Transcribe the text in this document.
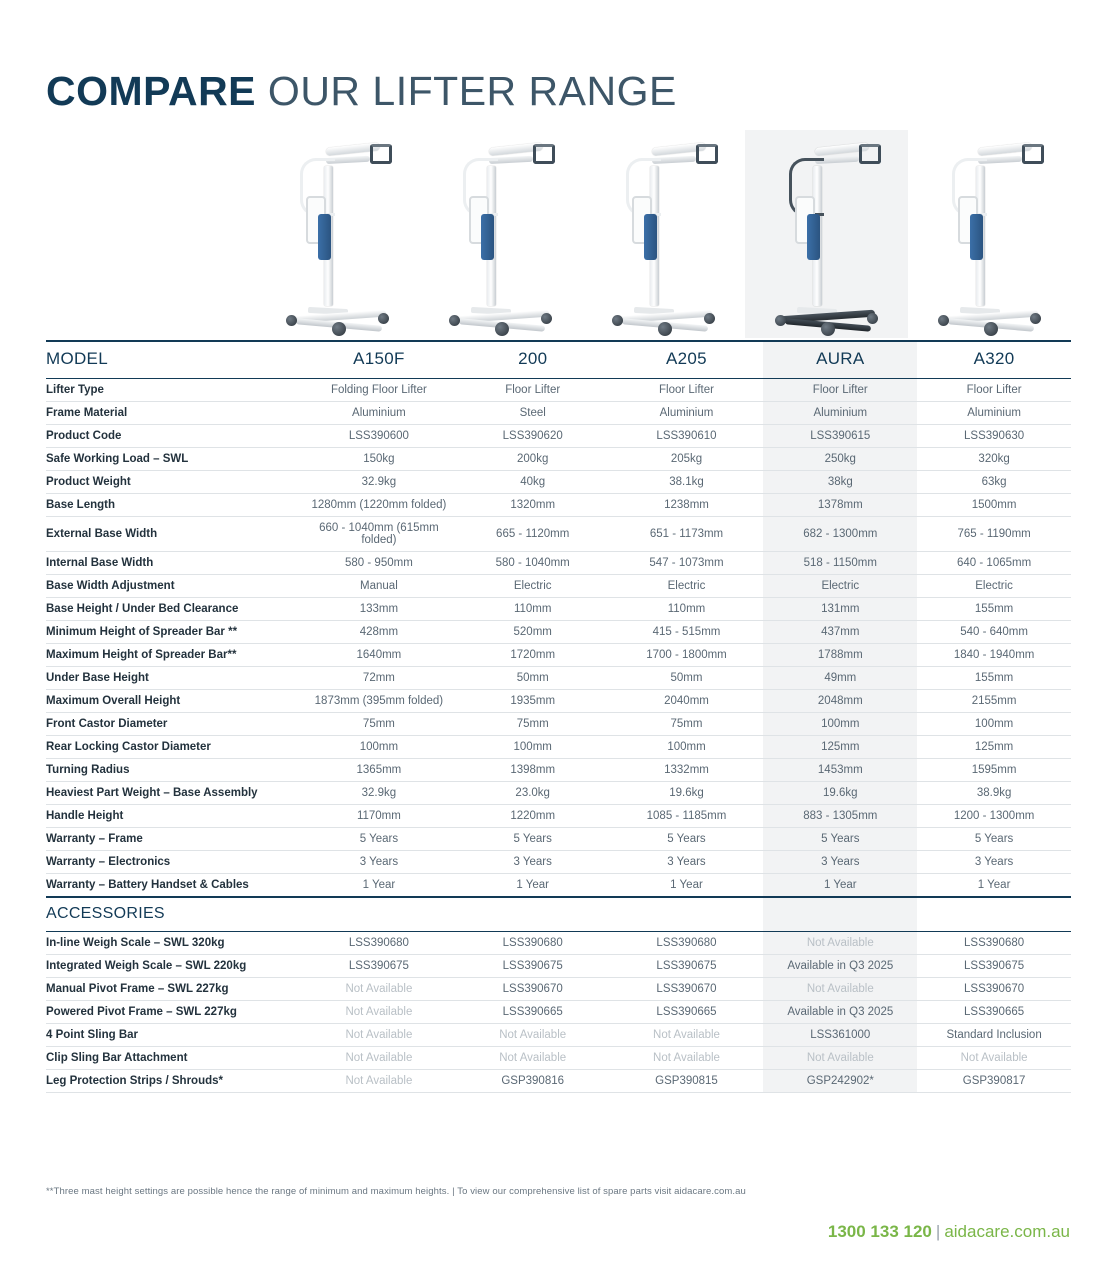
COMPARE OUR LIFTER RANGE
MODEL	A150F	200	A205	AURA	A320
Lifter Type	Folding Floor Lifter	Floor Lifter	Floor Lifter	Floor Lifter	Floor Lifter
Frame Material	Aluminium	Steel	Aluminium	Aluminium	Aluminium
Product Code	LSS390600	LSS390620	LSS390610	LSS390615	LSS390630
Safe Working Load – SWL	150kg	200kg	205kg	250kg	320kg
Product Weight	32.9kg	40kg	38.1kg	38kg	63kg
Base Length	1280mm (1220mm folded)	1320mm	1238mm	1378mm	1500mm
External Base Width	660 - 1040mm (615mm folded)	665 - 1120mm	651 - 1173mm	682 - 1300mm	765 - 1190mm
Internal Base Width	580 - 950mm	580 - 1040mm	547 - 1073mm	518 - 1150mm	640 - 1065mm
Base Width Adjustment	Manual	Electric	Electric	Electric	Electric
Base Height / Under Bed Clearance	133mm	110mm	110mm	131mm	155mm
Minimum Height of Spreader Bar **	428mm	520mm	415 - 515mm	437mm	540 - 640mm
Maximum Height of Spreader Bar**	1640mm	1720mm	1700 - 1800mm	1788mm	1840 - 1940mm
Under Base Height	72mm	50mm	50mm	49mm	155mm
Maximum Overall Height	1873mm (395mm folded)	1935mm	2040mm	2048mm	2155mm
Front Castor Diameter	75mm	75mm	75mm	100mm	100mm
Rear Locking Castor Diameter	100mm	100mm	100mm	125mm	125mm
Turning Radius	1365mm	1398mm	1332mm	1453mm	1595mm
Heaviest Part Weight – Base Assembly	32.9kg	23.0kg	19.6kg	19.6kg	38.9kg
Handle Height	1170mm	1220mm	1085 - 1185mm	883 - 1305mm	1200 - 1300mm
Warranty – Frame	5 Years	5 Years	5 Years	5 Years	5 Years
Warranty – Electronics	3 Years	3 Years	3 Years	3 Years	3 Years
Warranty – Battery Handset & Cables	1 Year	1 Year	1 Year	1 Year	1 Year
ACCESSORIES					
In-line Weigh Scale – SWL 320kg	LSS390680	LSS390680	LSS390680	Not Available	LSS390680
Integrated Weigh Scale – SWL 220kg	LSS390675	LSS390675	LSS390675	Available in Q3 2025	LSS390675
Manual Pivot Frame – SWL 227kg	Not Available	LSS390670	LSS390670	Not Available	LSS390670
Powered Pivot Frame – SWL 227kg	Not Available	LSS390665	LSS390665	Available in Q3 2025	LSS390665
4 Point Sling Bar	Not Available	Not Available	Not Available	LSS361000	Standard Inclusion
Clip Sling Bar Attachment	Not Available	Not Available	Not Available	Not Available	Not Available
Leg Protection Strips / Shrouds*	Not Available	GSP390816	GSP390815	GSP242902*	GSP390817
**Three mast height settings are possible hence the range of minimum and maximum heights. | To view our comprehensive list of spare parts visit aidacare.com.au
1300 133 120 | aidacare.com.au
